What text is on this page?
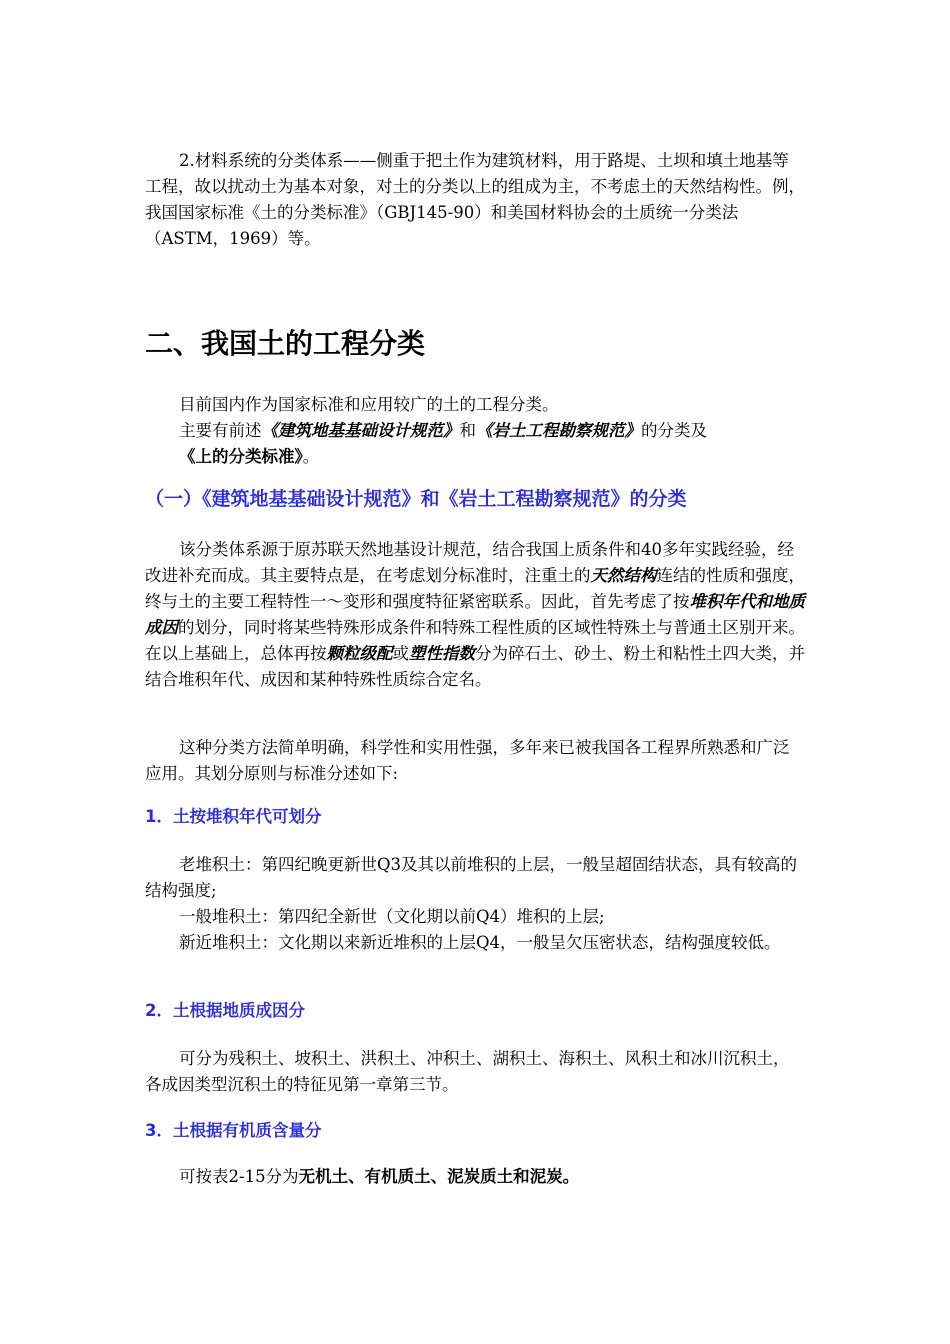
2.材料系统的分类体系——侧重于把土作为建筑材料，用于路堤、土坝和填土地基等工程，故以扰动土为基本对象，对土的分类以上的组成为主，不考虑土的天然结构性。例，我国国家标准《土的分类标准》（GBJ145-90）和美国材料协会的土质统一分类法（ASTM，1969）等。

二、我国土的工程分类
目前国内作为国家标准和应用较广的土的工程分类。
主要有前述《建筑地基基础设计规范》和《岩土工程勘察规范》的分类及
《上的分类标准》。
（一）《建筑地基基础设计规范》和《岩土工程勘察规范》的分类

该分类体系源于原苏联天然地基设计规范，结合我国上质条件和40多年实践经验，经改进补充而成。其主要特点是，在考虑划分标准时，注重土的天然结构连结的性质和强度，终与土的主要工程特性一～变形和强度特征紧密联系。因此，首先考虑了按堆积年代和地质成因的划分，同时将某些特殊形成条件和特殊工程性质的区域性特殊土与普通土区别开来。在以上基础上，总体再按颗粒级配或塑性指数分为碎石土、砂土、粉土和粘性土四大类，并结合堆积年代、成因和某种特殊性质综合定名。

这种分类方法简单明确，科学性和实用性强，多年来已被我国各工程界所熟悉和广泛应用。其划分原则与标准分述如下:

1．土按堆积年代可划分
老堆积土：第四纪晚更新世Q3及其以前堆积的上层，一般呈超固结状态，具有较高的结构强度;
一般堆积土：第四纪全新世（文化期以前Q4）堆积的上层;
新近堆积土：文化期以来新近堆积的上层Q4，一般呈欠压密状态，结构强度较低。
2．土根据地质成因分

可分为残积土、坡积土、洪积土、冲积土、湖积土、海积土、风积土和冰川沉积土，各成因类型沉积土的特征见第一章第三节。

3．土根据有机质含量分

可按表2-15分为无机土、有机质土、泥炭质土和泥炭。
